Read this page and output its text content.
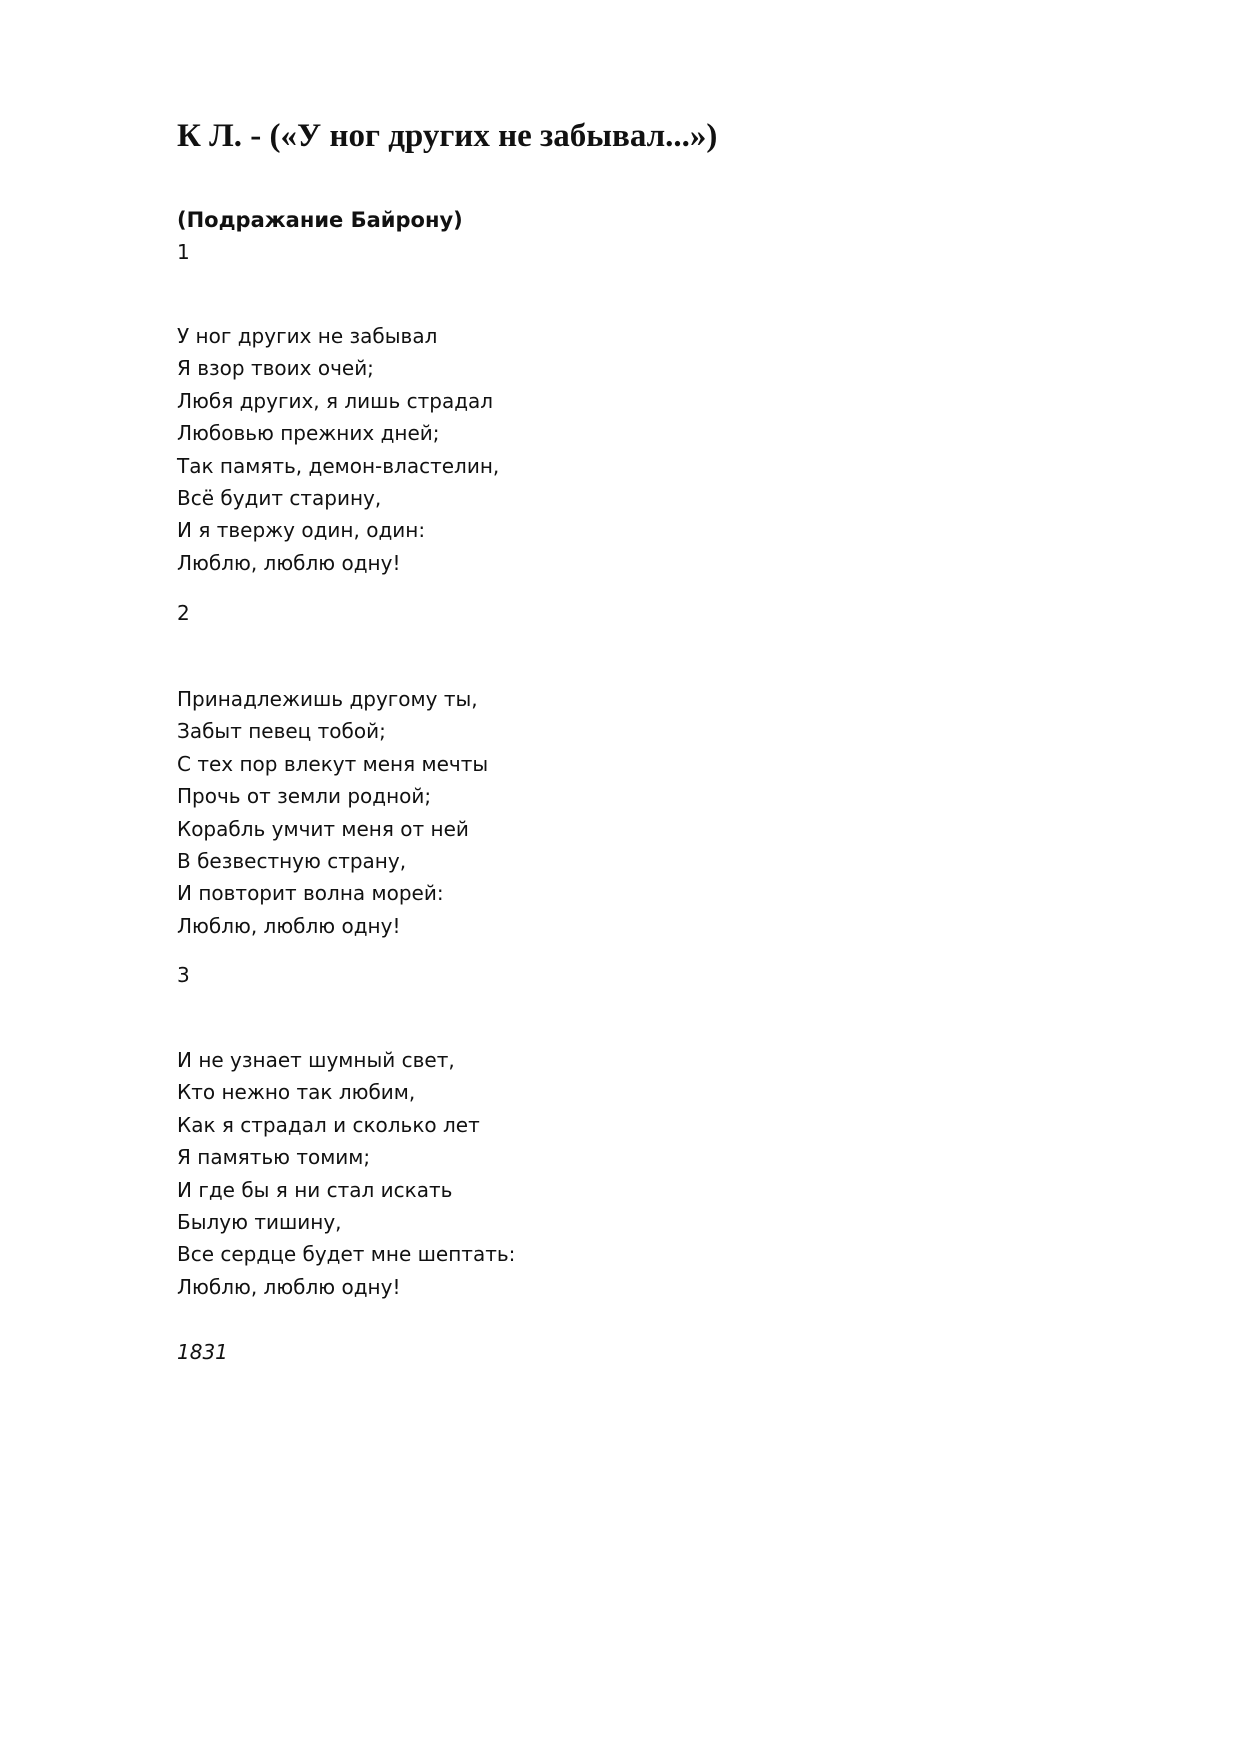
К Л. - («У ног других не забывал...»)
(Подражание Байрону)

1

У ног других не забывал
Я взор твоих очей;
Любя других, я лишь страдал
Любовью прежних дней;
Так память, демон-властелин,
Всё будит старину,
И я твержу один, один:
Люблю, люблю одну!

2

Принадлежишь другому ты,
Забыт певец тобой;
С тех пор влекут меня мечты
Прочь от земли родной;
Корабль умчит меня от ней
В безвестную страну,
И повторит волна морей:
Люблю, люблю одну!

3

И не узнает шумный свет,
Кто нежно так любим,
Как я страдал и сколько лет
Я памятью томим;
И где бы я ни стал искать
Былую тишину,
Все сердце будет мне шептать:
Люблю, люблю одну!

1831
